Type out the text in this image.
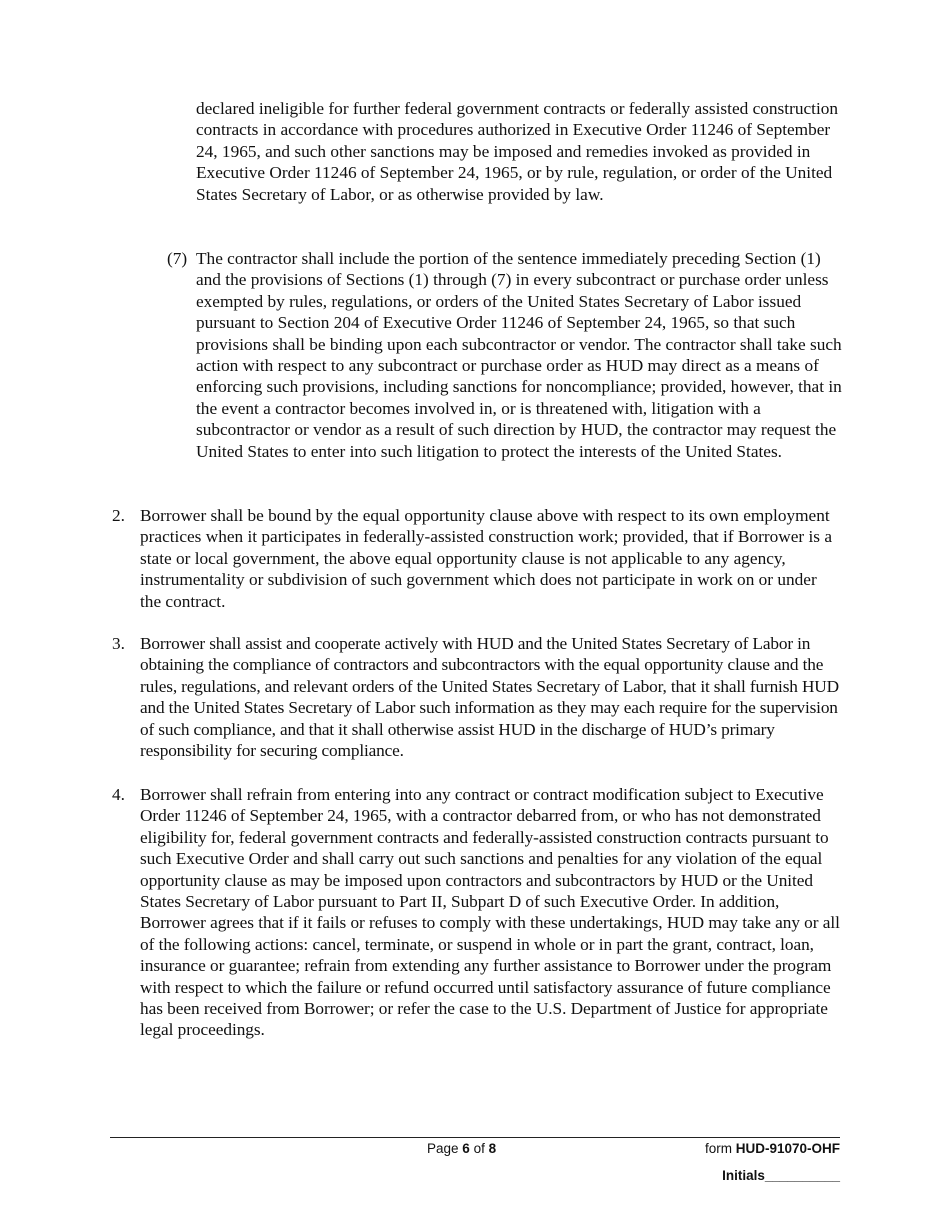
declared ineligible for further federal government contracts or federally assisted construction contracts in accordance with procedures authorized in Executive Order 11246 of September 24, 1965, and such other sanctions may be imposed and remedies invoked as provided in Executive Order 11246 of September 24, 1965, or by rule, regulation, or order of the United States Secretary of Labor, or as otherwise provided by law.

(7) The contractor shall include the portion of the sentence immediately preceding Section (1) and the provisions of Sections (1) through (7) in every subcontract or purchase order unless exempted by rules, regulations, or orders of the United States Secretary of Labor issued pursuant to Section 204 of Executive Order 11246 of September 24, 1965, so that such provisions shall be binding upon each subcontractor or vendor. The contractor shall take such action with respect to any subcontract or purchase order as HUD may direct as a means of enforcing such provisions, including sanctions for noncompliance; provided, however, that in the event a contractor becomes involved in, or is threatened with, litigation with a subcontractor or vendor as a result of such direction by HUD, the contractor may request the United States to enter into such litigation to protect the interests of the United States.

2. Borrower shall be bound by the equal opportunity clause above with respect to its own employment practices when it participates in federally-assisted construction work; provided, that if Borrower is a state or local government, the above equal opportunity clause is not applicable to any agency, instrumentality or subdivision of such government which does not participate in work on or under the contract.

3. Borrower shall assist and cooperate actively with HUD and the United States Secretary of Labor in obtaining the compliance of contractors and subcontractors with the equal opportunity clause and the rules, regulations, and relevant orders of the United States Secretary of Labor, that it shall furnish HUD and the United States Secretary of Labor such information as they may each require for the supervision of such compliance, and that it shall otherwise assist HUD in the discharge of HUD’s primary responsibility for securing compliance.

4. Borrower shall refrain from entering into any contract or contract modification subject to Executive Order 11246 of September 24, 1965, with a contractor debarred from, or who has not demonstrated eligibility for, federal government contracts and federally-assisted construction contracts pursuant to such Executive Order and shall carry out such sanctions and penalties for any violation of the equal opportunity clause as may be imposed upon contractors and subcontractors by HUD or the United States Secretary of Labor pursuant to Part II, Subpart D of such Executive Order. In addition, Borrower agrees that if it fails or refuses to comply with these undertakings, HUD may take any or all of the following actions: cancel, terminate, or suspend in whole or in part the grant, contract, loan, insurance or guarantee; refrain from extending any further assistance to Borrower under the program with respect to which the failure or refund occurred until satisfactory assurance of future compliance has been received from Borrower; or refer the case to the U.S. Department of Justice for appropriate legal proceedings.

Page 6 of 8	form HUD-91070-OHF
Initials__________
